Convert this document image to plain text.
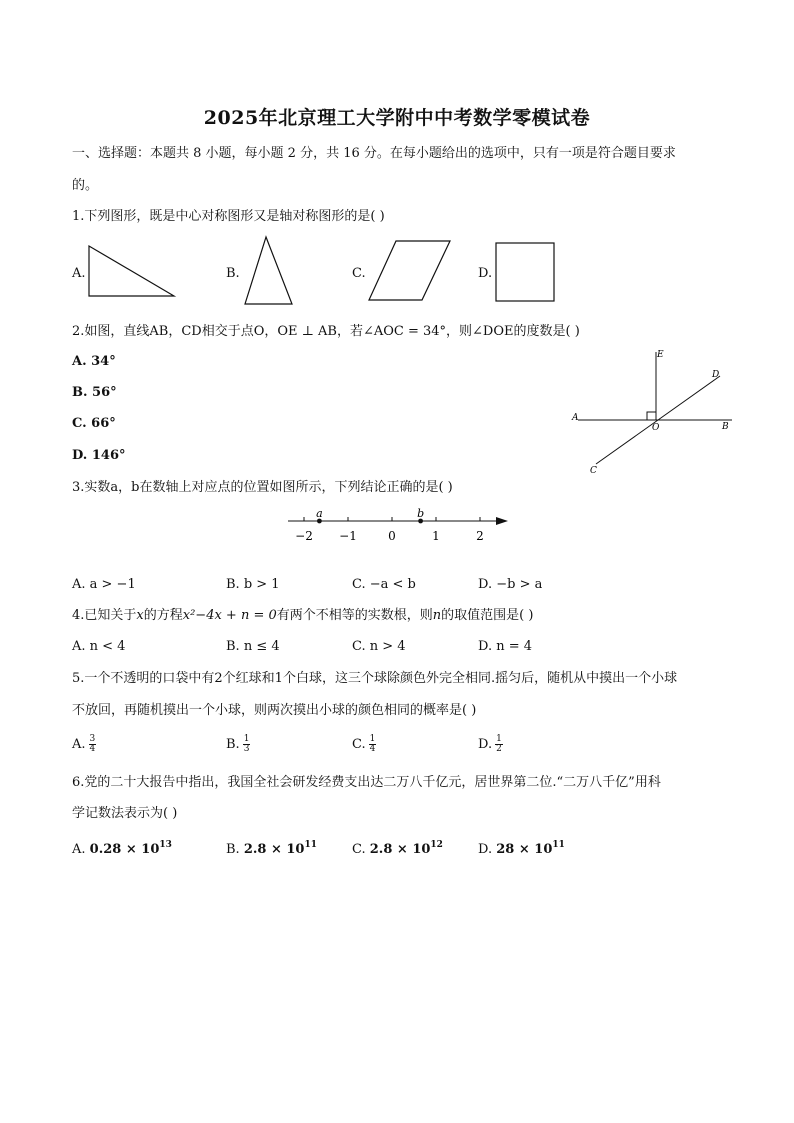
2025年北京理工大学附中中考数学零模试卷
一、选择题：本题共 8 小题，每小题 2 分，共 16 分。在每小题给出的选项中，只有一项是符合题目要求
的。
1.下列图形，既是中心对称图形又是轴对称图形的是( )
A.	B.	C.	D.
2.如图，直线AB，CD相交于点O，OE ⊥ AB，若∠AOC = 34°，则∠DOE的度数是( )
A. 34°
B. 56°
C. 66°
D. 146°
E
D
A
O	B
C
3.实数a，b在数轴上对应点的位置如图所示，下列结论正确的是( )
−2 −1	0	1	2
a	b
A. a > −1	B. b > 1	C. −a < b	D. −b > a
4.已知关于x的方程x²−4x + n = 0有两个不相等的实数根，则n的取值范围是( )
A. n < 4	B. n ≤ 4	C. n > 4	D. n = 4
5.一个不透明的口袋中有2个红球和1个白球，这三个球除颜色外完全相同.摇匀后，随机从中摸出一个小球
不放回，再随机摸出一个小球，则两次摸出小球的颜色相同的概率是( )
A. $\frac{3}{4}$	B. $\frac{1}{3}$	C. $\frac{1}{4}$	D. $\frac{1}{2}$
6.党的二十大报告中指出，我国全社会研发经费支出达二万八千亿元，居世界第二位.“二万八千亿”用科
学记数法表示为( )
A. $0.28 \times 10^{13}$	B. $2.8 \times 10^{11}$	C. $2.8 \times 10^{12}$	D. $28 \times 10^{11}$
